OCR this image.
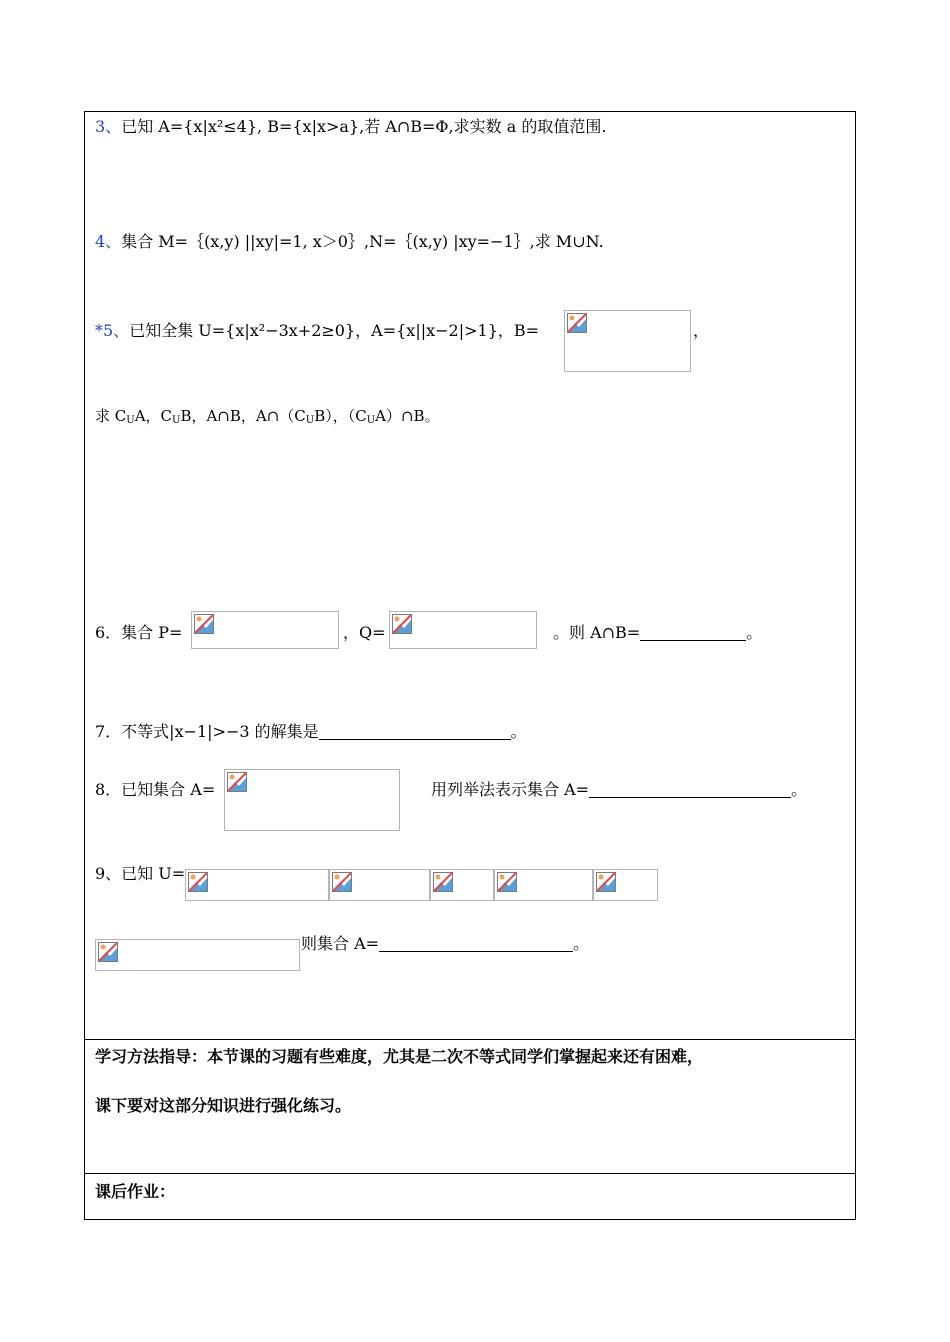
3、已知 A={x|x²≤4}, B={x|x>a},若 A∩B=Φ,求实数 a 的取值范围.
4、集合 M=｛(x,y) ||xy|=1, x＞0｝,N=｛(x,y) |xy=−1｝,求 M∪N.
*5、已知全集 U={x|x²−3x+2≥0}，A={x||x−2|>1}，B=	，
求 $C_UA$，$C_UB$，A∩B，$A\cap(C_UB)$，$(C_UA)\cap B$。
6．集合 P=	，Q=	。则 A∩B=	。
7．不等式|x−1|>−3 的解集是	。
8．已知集合 A=	用列举法表示集合 A=	。
9、已知 U=
则集合 A=	。
学习方法指导：本节课的习题有些难度，尤其是二次不等式同学们掌握起来还有困难，
课下要对这部分知识进行强化练习。
课后作业：
